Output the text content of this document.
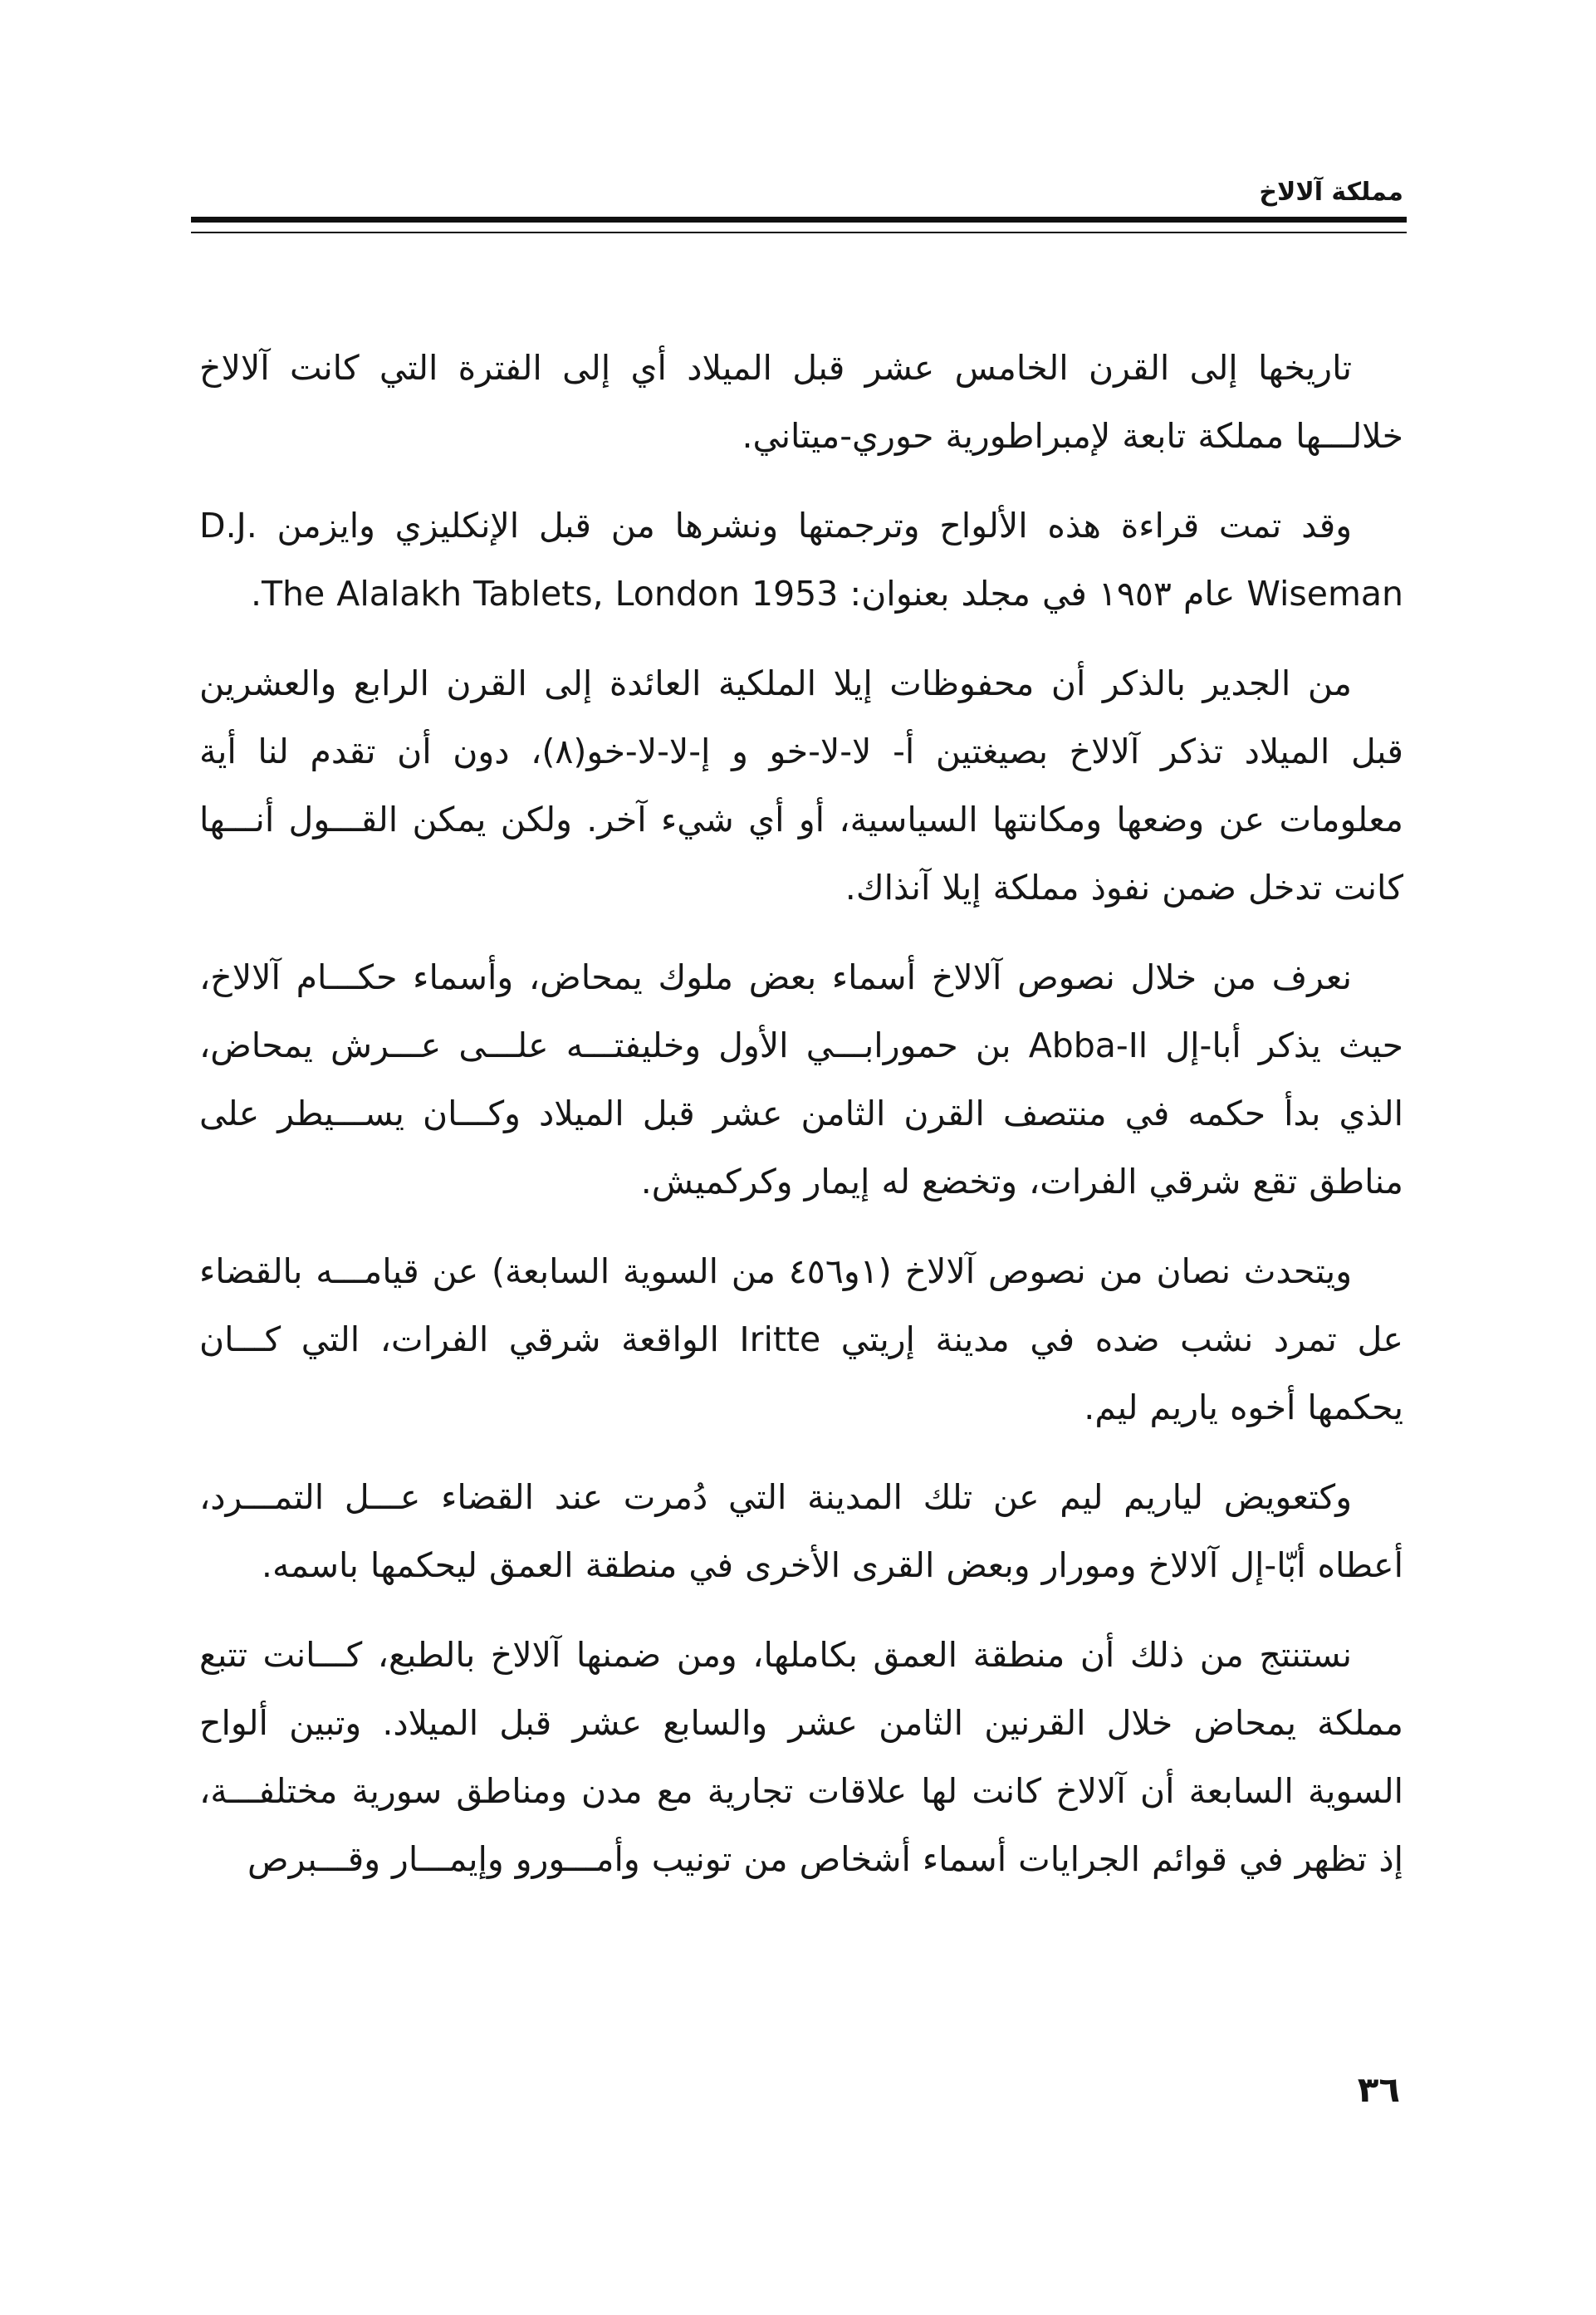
مملكة آلالاخ

تاريخها إلى القرن الخامس عشر قبل الميلاد أي إلى الفترة التي كانت آلالاخ خلالـــها مملكة تابعة لإمبراطورية حوري-ميتاني.

وقد تمت قراءة هذه الألواح وترجمتها ونشرها من قبل الإنكليزي وايزمن D.J. Wiseman عام ١٩٥٣ في مجلد بعنوان: The Alalakh Tablets, London 1953.

من الجدير بالذكر أن محفوظات إيلا الملكية العائدة إلى القرن الرابع والعشرين قبل الميلاد تذكر آلالاخ بصيغتين أ- لا-لا-خو و إ-لا-لا-خو(٨)، دون أن تقدم لنا أية معلومات عن وضعها ومكانتها السياسية، أو أي شيء آخر. ولكن يمكن القـــول أنـــها كانت تدخل ضمن نفوذ مملكة إيلا آنذاك.

نعرف من خلال نصوص آلالاخ أسماء بعض ملوك يمحاض، وأسماء حكـــام آلالاخ، حيث يذكر أبا-إل Abba-Il بن حمورابـــي الأول وخليفتـــه علـــى عـــرش يمحاض، الذي بدأ حكمه في منتصف القرن الثامن عشر قبل الميلاد وكـــان يســـيطر على مناطق تقع شرقي الفرات، وتخضع له إيمار وكركميش.

ويتحدث نصان من نصوص آلالاخ (١و٤٥٦ من السوية السابعة) عن قيامـــه بالقضاء عل تمرد نشب ضده في مدينة إريتي Iritte الواقعة شرقي الفرات، التي كـــان يحكمها أخوه ياريم ليم.

وكتعويض لياريم ليم عن تلك المدينة التي دُمرت عند القضاء عـــل التمـــرد، أعطاه أبّا-إل آلالاخ ومورار وبعض القرى الأخرى في منطقة العمق ليحكمها باسمه.

نستنتج من ذلك أن منطقة العمق بكاملها، ومن ضمنها آلالاخ بالطبع، كـــانت تتبع مملكة يمحاض خلال القرنين الثامن عشر والسابع عشر قبل الميلاد. وتبين ألواح السوية السابعة أن آلالاخ كانت لها علاقات تجارية مع مدن ومناطق سورية مختلفـــة، إذ تظهر في قوائم الجرايات أسماء أشخاص من تونيب وأمـــورو وإيمـــار وقـــبرص

٣٦
